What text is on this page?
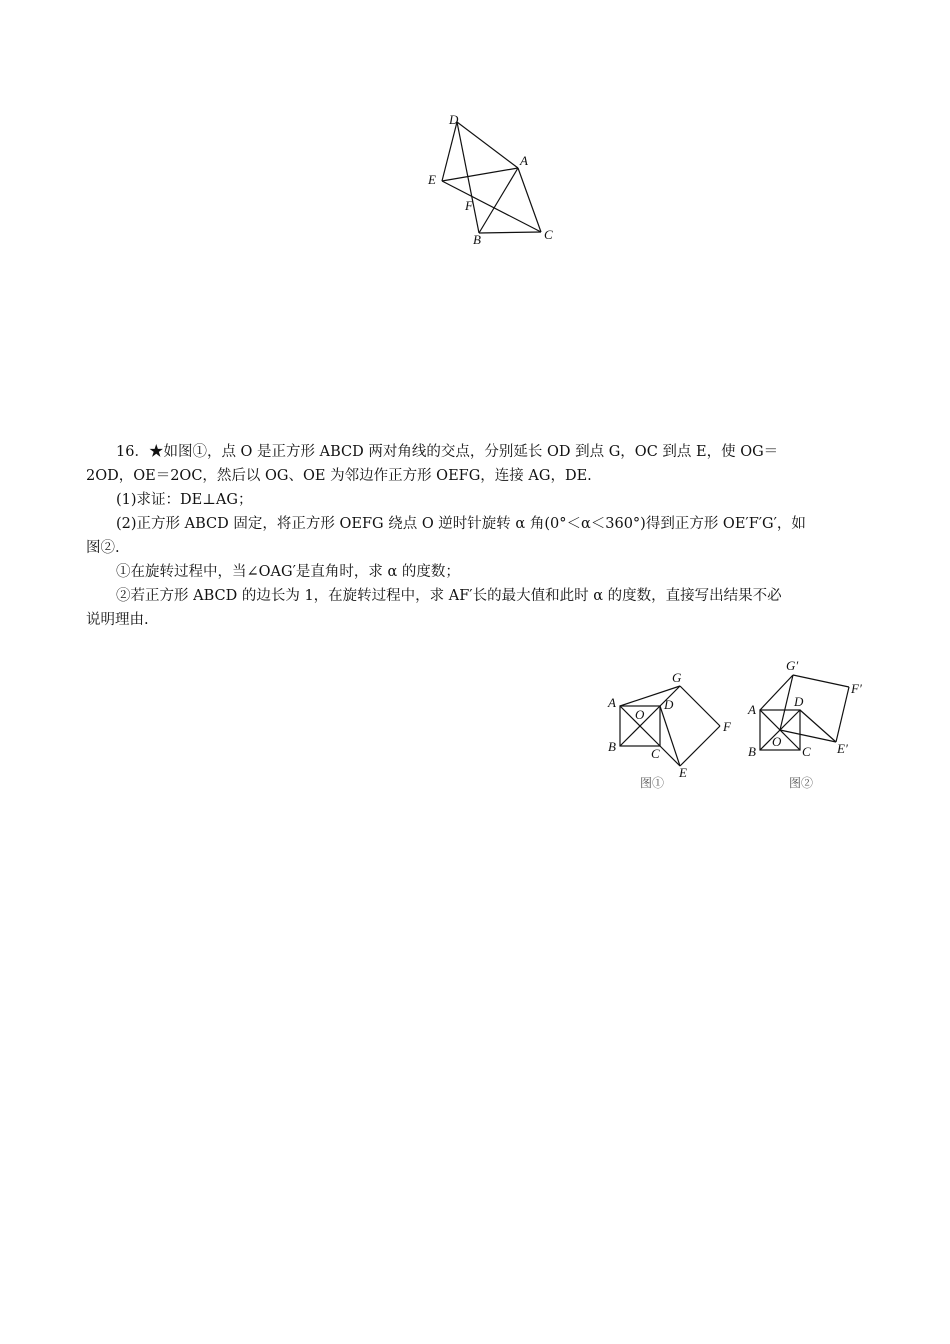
D
A
E
F
B	C

16．★如图①，点 O 是正方形 ABCD 两对角线的交点，分别延长 OD 到点 G，OC 到点 E，使 OG＝

2OD，OE＝2OC，然后以 OG、OE 为邻边作正方形 OEFG，连接 AG，DE.

(1)求证：DE⊥AG；

(2)正方形 ABCD 固定，将正方形 OEFG 绕点 O 逆时针旋转 α 角(0°＜α＜360°)得到正方形 OE′F′G′，如

图②.

①在旋转过程中，当∠OAG′是直角时，求 α 的度数；

②若正方形 ABCD 的边长为 1，在旋转过程中，求 AF′长的最大值和此时 α 的度数，直接写出结果不必

说明理由.

A
B	C
D
O
G
F
E
图①
A
B	C
D
O
G′
F′
E′
图②
